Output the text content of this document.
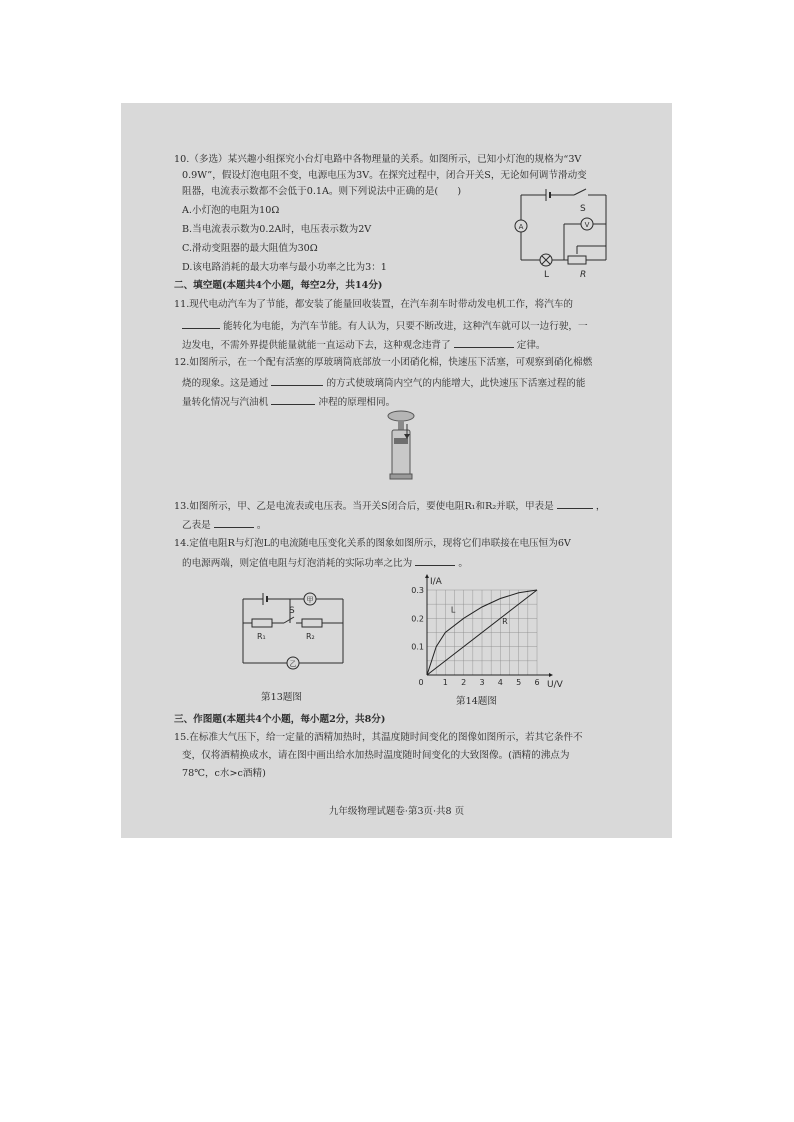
10.（多选）某兴趣小组探究小台灯电路中各物理量的关系。如图所示，已知小灯泡的规格为“3V
0.9W”，假设灯泡电阻不变，电源电压为3V。在探究过程中，闭合开关S，无论如何调节滑动变
阻器，电流表示数都不会低于0.1A。则下列说法中正确的是(　　)
A.小灯泡的电阻为10Ω
B.当电流表示数为0.2A时，电压表示数为2V
C.滑动变阻器的最大阻值为30Ω
D.该电路消耗的最大功率与最小功率之比为3：1
A	V
S
L	R
二、填空题(本题共4个小题，每空2分，共14分)
11.现代电动汽车为了节能，都安装了能量回收装置，在汽车刹车时带动发电机工作，将汽车的
能转化为电能，为汽车节能。有人认为，只要不断改进，这种汽车就可以一边行驶，一
边发电，不需外界提供能量就能一直运动下去，这种观念违背了	定律。
12.如图所示，在一个配有活塞的厚玻璃筒底部放一小团硝化棉，快速压下活塞，可观察到硝化棉燃
烧的现象。这是通过	的方式使玻璃筒内空气的内能增大，此快速压下活塞过程的能
量转化情况与汽油机	冲程的原理相同。
13.如图所示，甲、乙是电流表或电压表。当开关S闭合后，要使电阻R₁和R₂并联，甲表是	，
乙表是	。
14.定值电阻R与灯泡L的电流随电压变化关系的图象如图所示，现将它们串联接在电压恒为6V
的电源两端，则定值电阻与灯泡消耗的实际功率之比为	。
甲
乙
S
R₁	R₂
0 1 2 3 4 5 6
0.1
0.2
0.3
L
R
U/V
I/A
第13题图	第14题图
三、作图题(本题共4个小题，每小题2分，共8分)
15.在标准大气压下，给一定量的酒精加热时，其温度随时间变化的图像如图所示，若其它条件不
变，仅将酒精换成水，请在图中画出给水加热时温度随时间变化的大致图像。(酒精的沸点为
78℃，c水>c酒精)
九年级物理试题卷·第3页·共8 页
